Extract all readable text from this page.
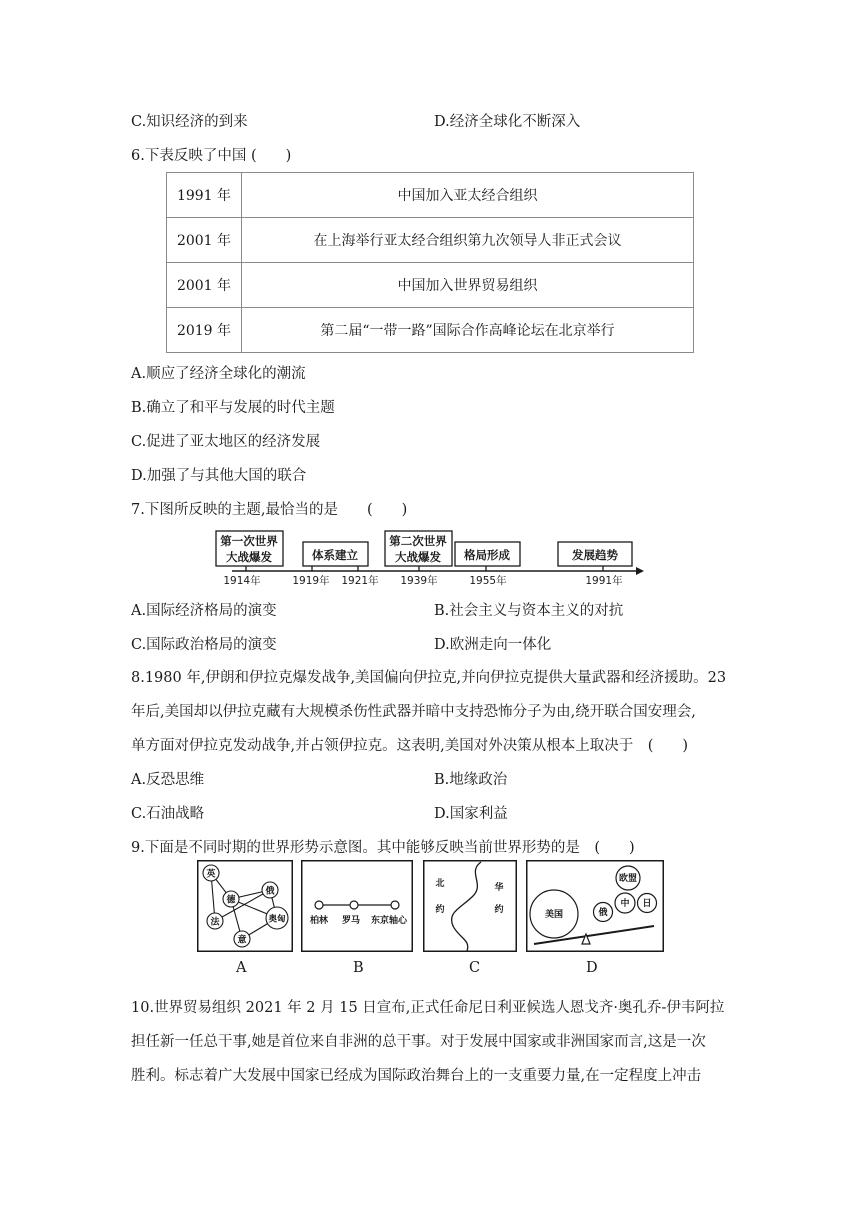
C.知识经济的到来	D.经济全球化不断深入
6.下表反映了中国 (　　)
1991 年	中国加入亚太经合组织
2001 年	在上海举行亚太经合组织第九次领导人非正式会议
2001 年	中国加入世界贸易组织
2019 年	第二届“一带一路”国际合作高峰论坛在北京举行
A.顺应了经济全球化的潮流
B.确立了和平与发展的时代主题
C.促进了亚太地区的经济发展
D.加强了与其他大国的联合
7.下图所反映的主题,最恰当的是　　(　　)
第一次世界
大战爆发	体系建立
第二次世界
大战爆发 格局形成	发展趋势
1914年	1919年 1921年 1939年	1955年	1991年
A.国际经济格局的演变	B.社会主义与资本主义的对抗
C.国际政治格局的演变	D.欧洲走向一体化
8.1980 年,伊朗和伊拉克爆发战争,美国偏向伊拉克,并向伊拉克提供大量武器和经济援助。23
年后,美国却以伊拉克藏有大规模杀伤性武器并暗中支持恐怖分子为由,绕开联合国安理会,
单方面对伊拉克发动战争,并占领伊拉克。这表明,美国对外决策从根本上取决于　(　　)
A.反恐思维	B.地缘政治
C.石油战略	D.国家利益
9.下面是不同时期的世界形势示意图。其中能够反映当前世界形势的是　(　　)
英
俄
德
法	奥匈
意
柏林 罗马 东京轴心
北
约
华
约	美国
欧盟
中 日
俄
A	B	C	D
10.世界贸易组织 2021 年 2 月 15 日宣布,正式任命尼日利亚候选人恩戈齐·奥孔乔-伊韦阿拉
担任新一任总干事,她是首位来自非洲的总干事。对于发展中国家或非洲国家而言,这是一次
胜利。标志着广大发展中国家已经成为国际政治舞台上的一支重要力量,在一定程度上冲击
